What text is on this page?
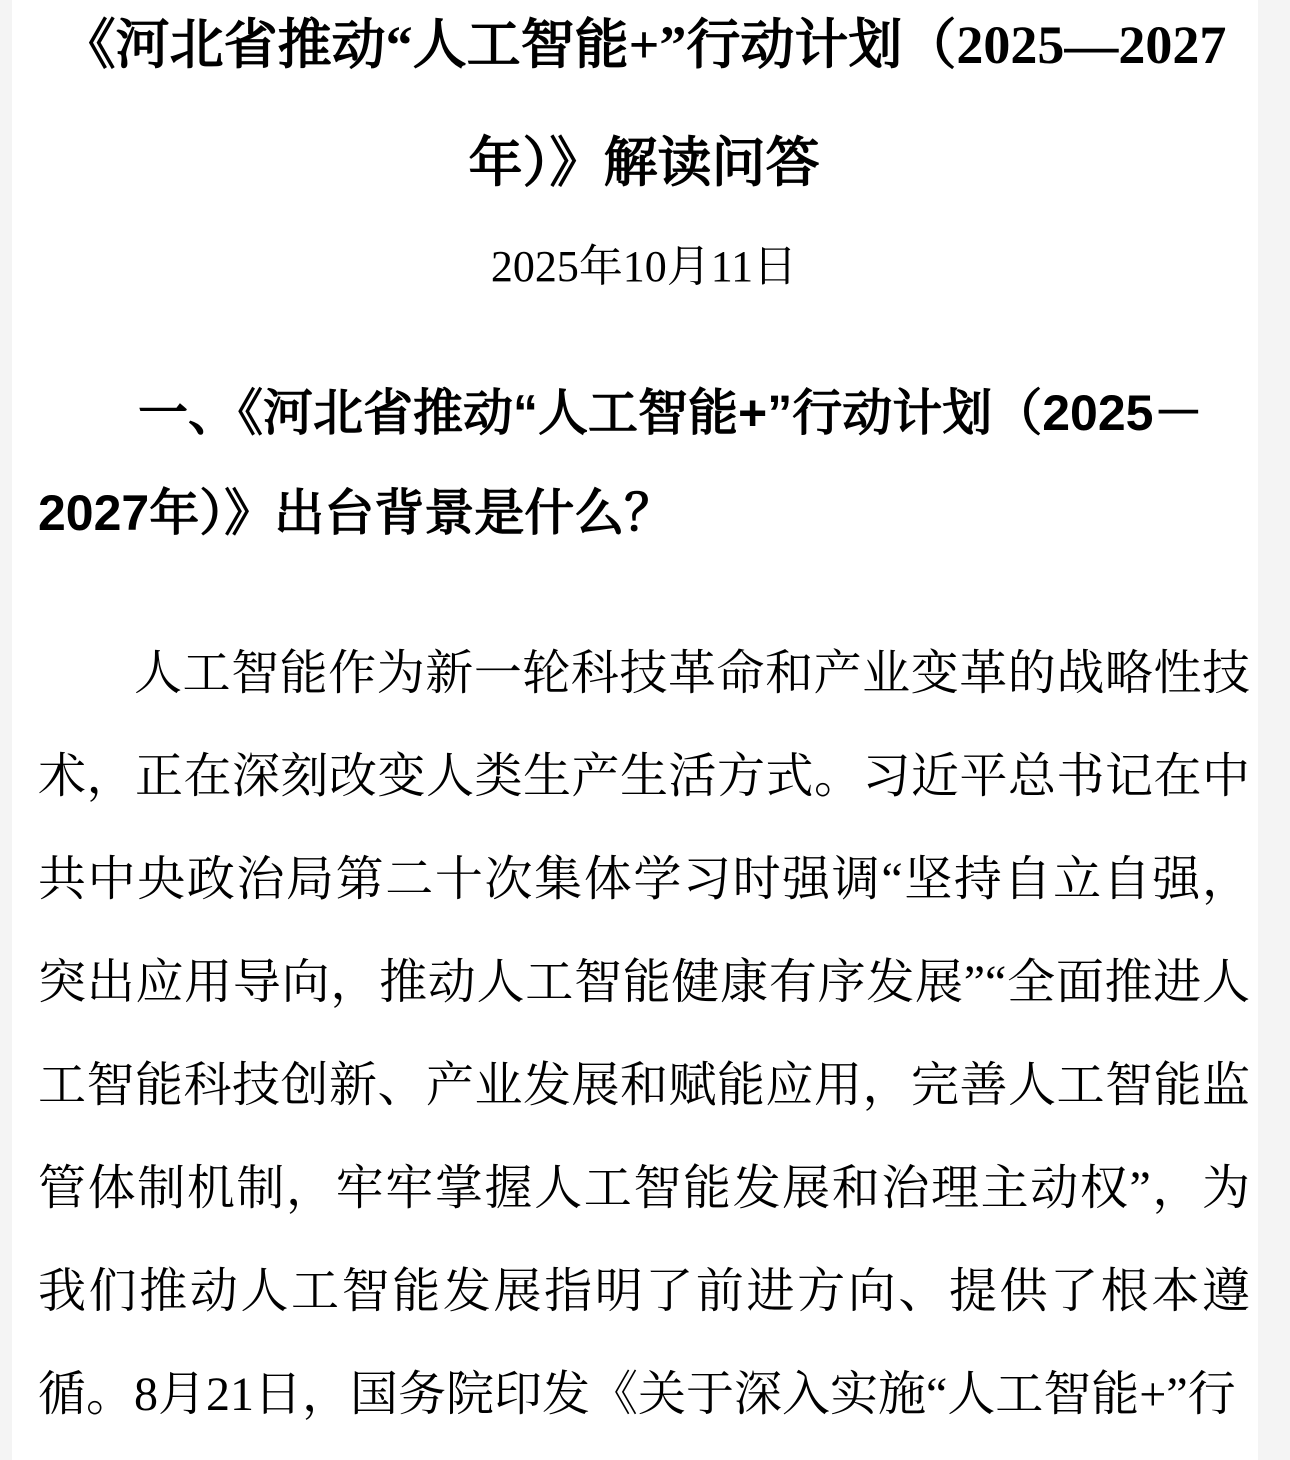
《河北省推动“人工智能+”行动计划（2025—2027年）》解读问答

2025年10月11日

一、《河北省推动“人工智能+”行动计划（2025－2027年）》出台背景是什么？

人工智能作为新一轮科技革命和产业变革的战略性技术，正在深刻改变人类生产生活方式。习近平总书记在中共中央政治局第二十次集体学习时强调“坚持自立自强，突出应用导向，推动人工智能健康有序发展”“全面推进人工智能科技创新、产业发展和赋能应用，完善人工智能监管体制机制，牢牢掌握人工智能发展和治理主动权”，为我们推动人工智能发展指明了前进方向、提供了根本遵循。8月21日，国务院印发《关于深入实施“人工智能+”行
